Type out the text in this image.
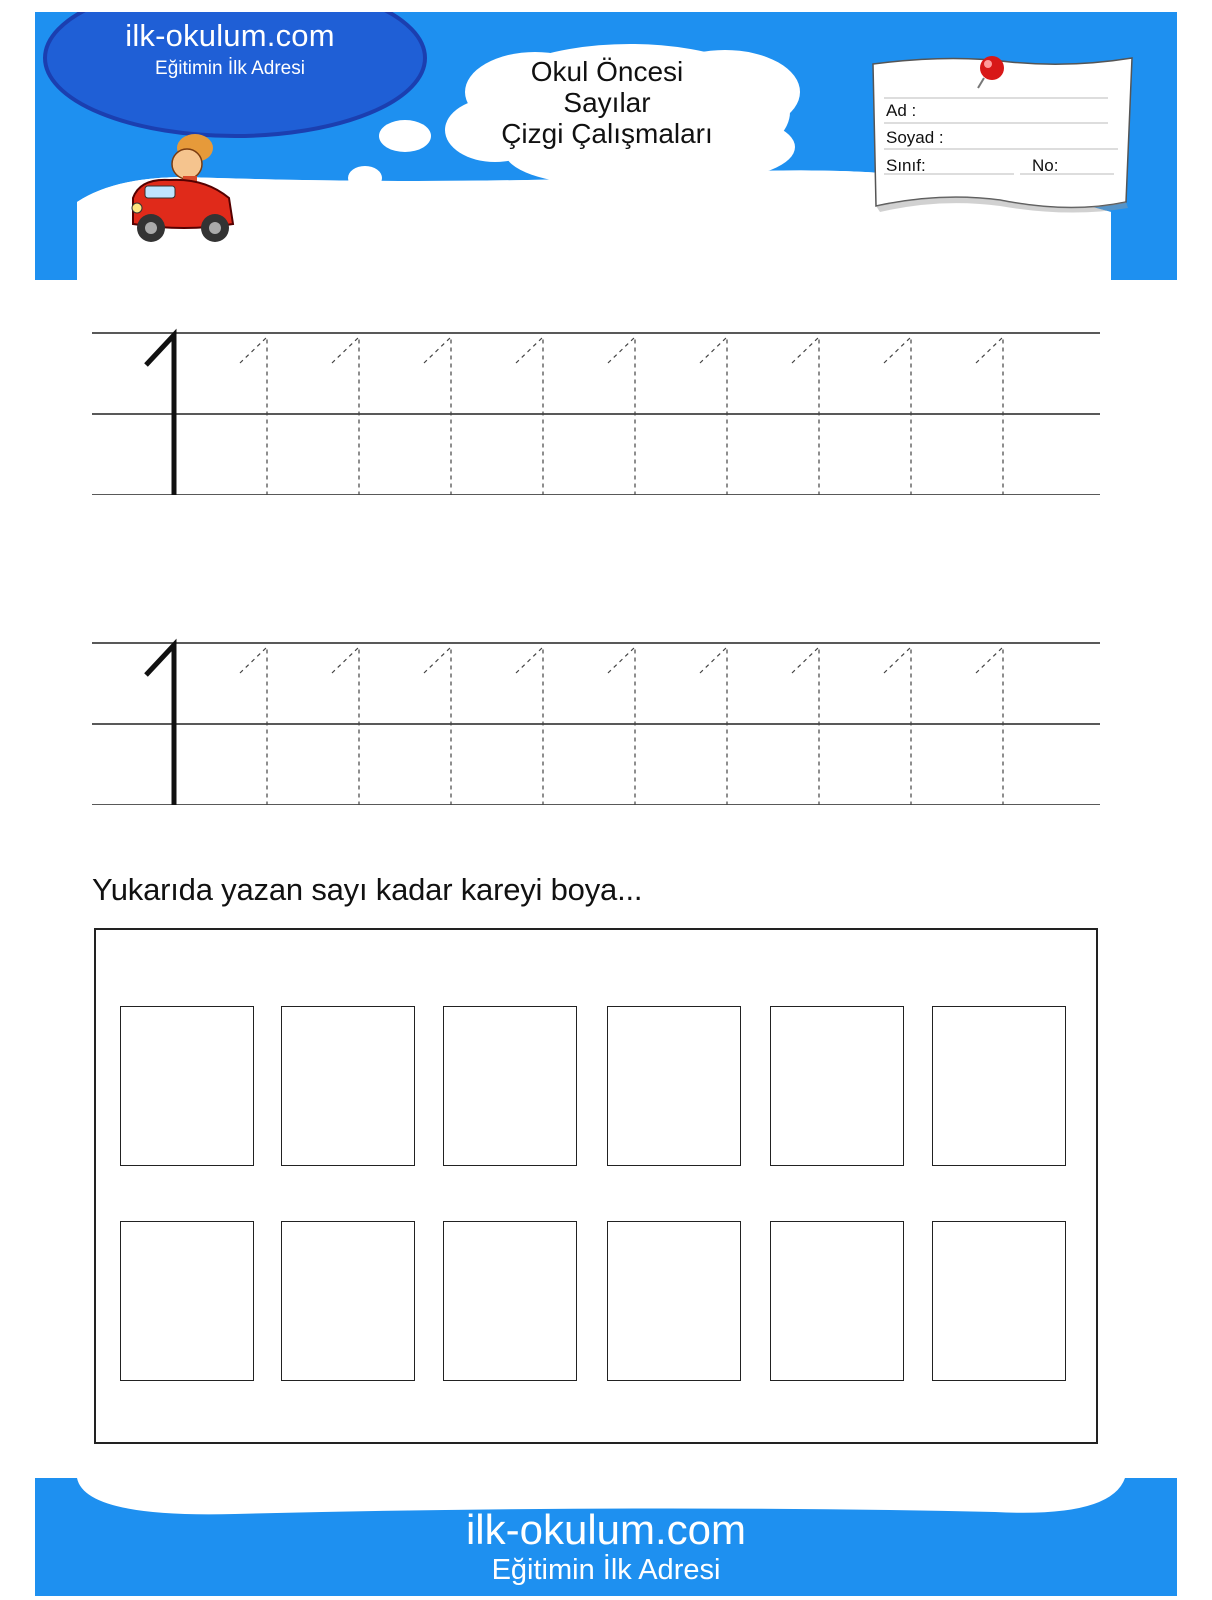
ilk-okulum.com
Eğitimin İlk Adresi	Okul Öncesi
Sayılar
Çizgi Çalışmaları
Ad :
Soyad :
Sınıf:	No:
Yukarıda yazan sayı kadar kareyi boya...
ilk-okulum.com
Eğitimin İlk Adresi
